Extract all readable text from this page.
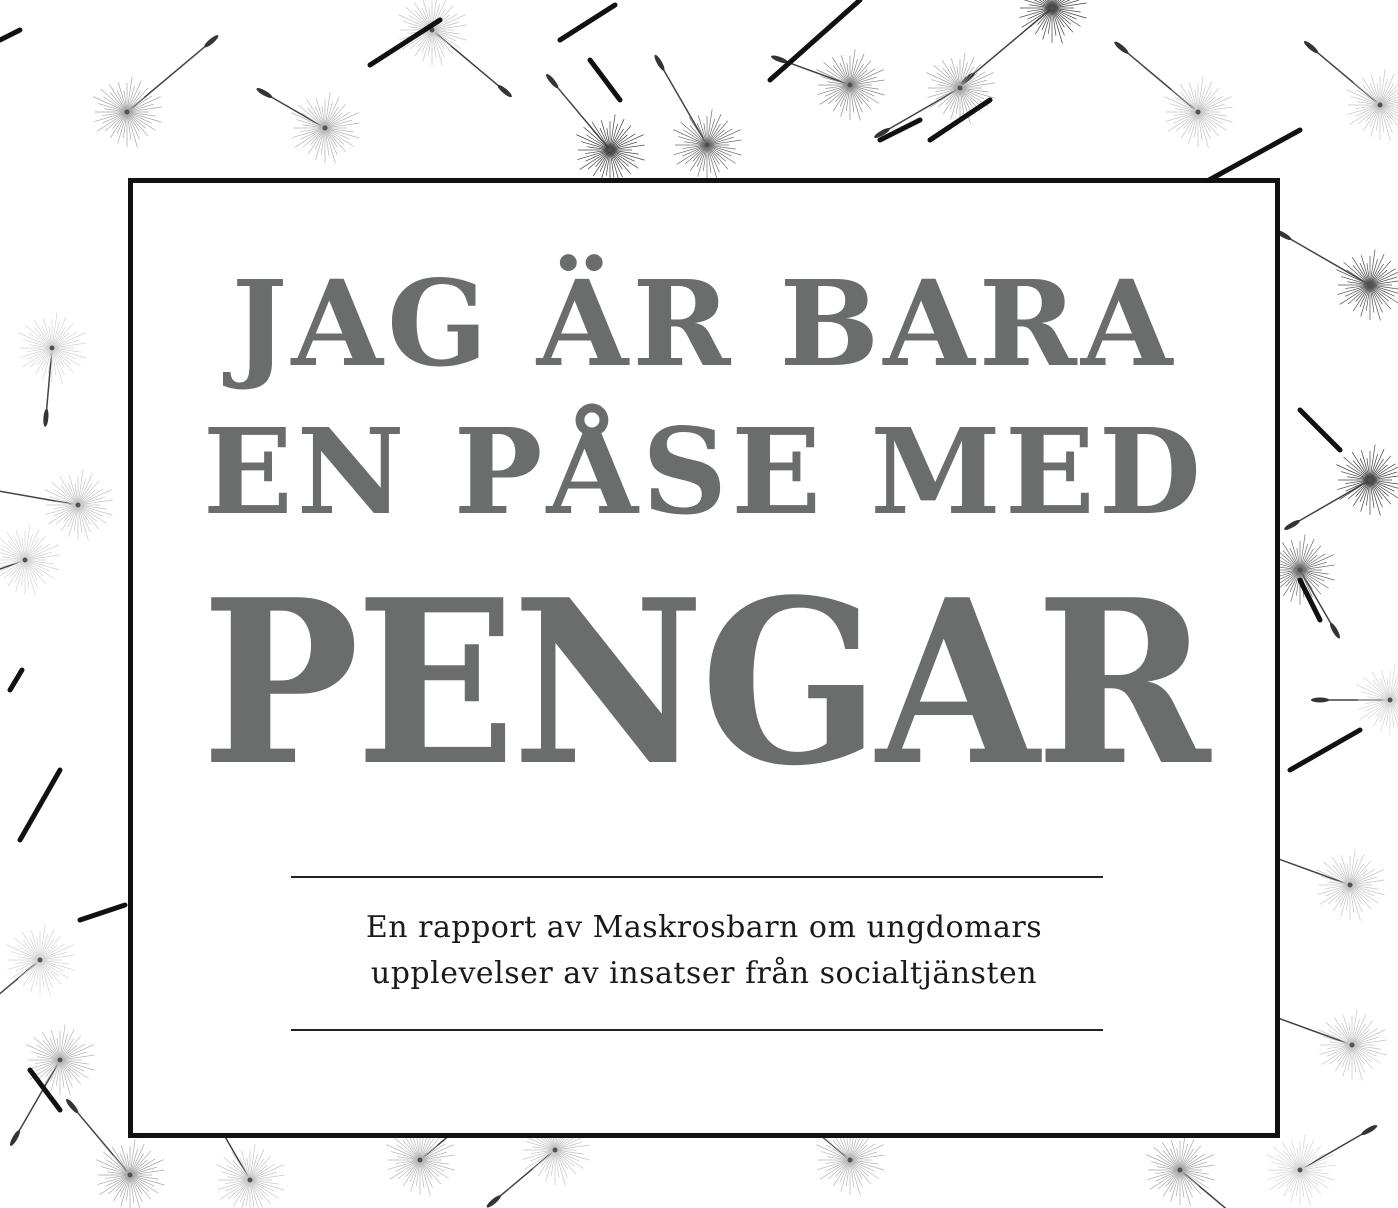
JAG ÄR BARA
EN PÅSE MED
PENGAR
En rapport av Maskrosbarn om ungdomars
upplevelser av insatser från socialtjänsten
